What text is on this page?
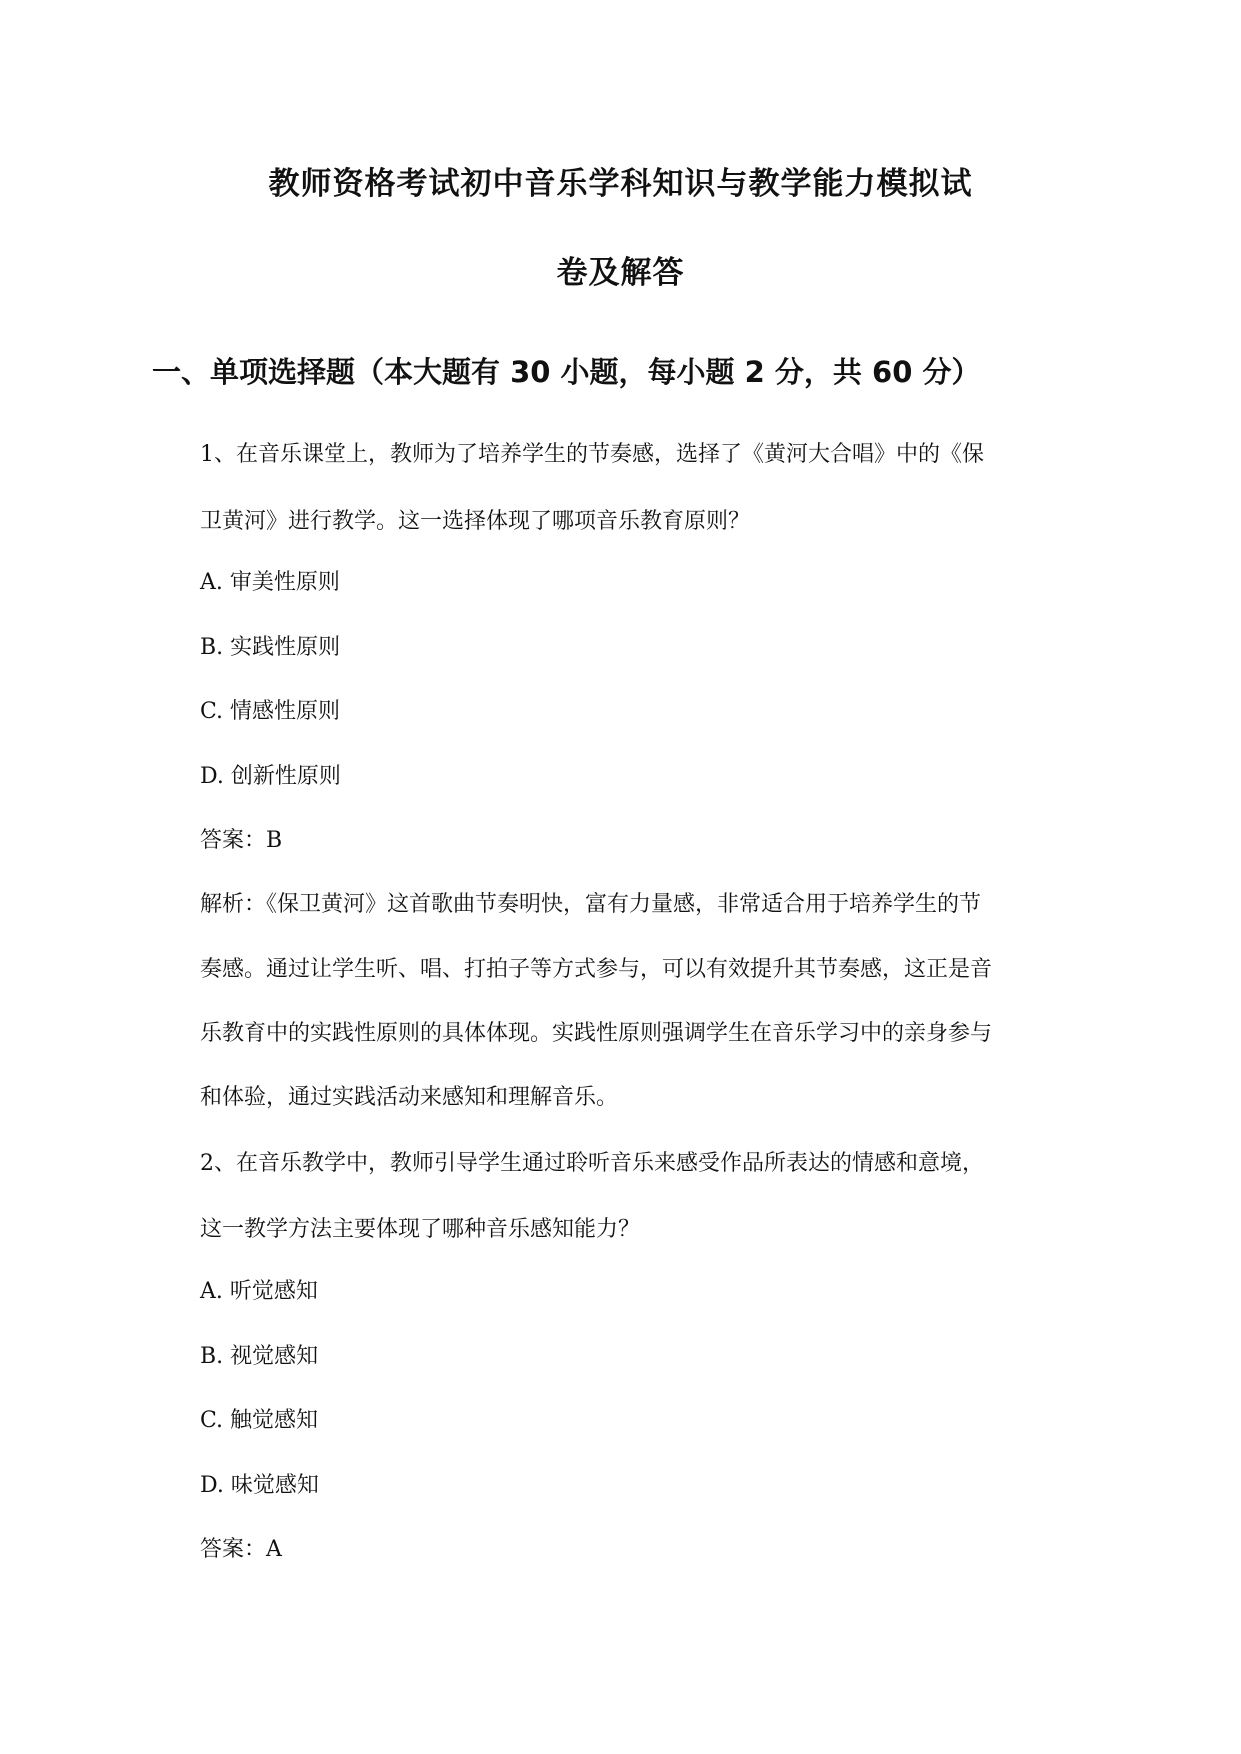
教师资格考试初中音乐学科知识与教学能力模拟试
卷及解答
一、单项选择题（本大题有 30 小题，每小题 2 分，共 60 分）
1、在音乐课堂上，教师为了培养学生的节奏感，选择了《黄河大合唱》中的《保
卫黄河》进行教学。这一选择体现了哪项音乐教育原则？
A. 审美性原则
B. 实践性原则
C. 情感性原则
D. 创新性原则
答案：B
解析：《保卫黄河》这首歌曲节奏明快，富有力量感，非常适合用于培养学生的节
奏感。通过让学生听、唱、打拍子等方式参与，可以有效提升其节奏感，这正是音
乐教育中的实践性原则的具体体现。实践性原则强调学生在音乐学习中的亲身参与
和体验，通过实践活动来感知和理解音乐。
2、在音乐教学中，教师引导学生通过聆听音乐来感受作品所表达的情感和意境，
这一教学方法主要体现了哪种音乐感知能力？
A. 听觉感知
B. 视觉感知
C. 触觉感知
D. 味觉感知
答案：A
